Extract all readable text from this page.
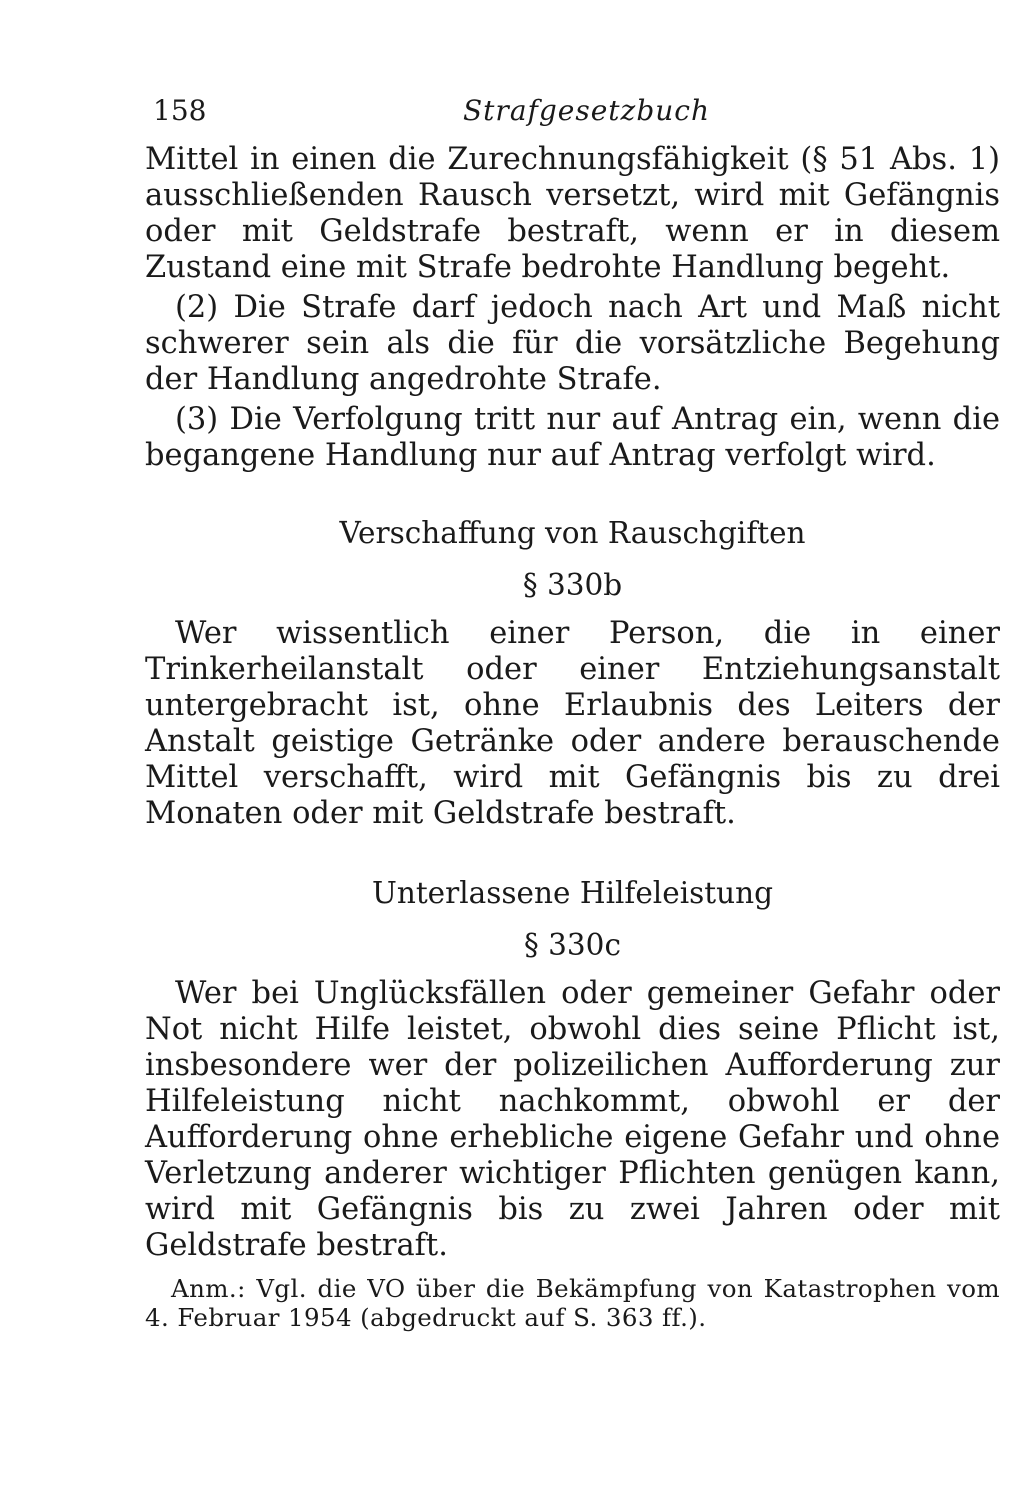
158	Strafgesetzbuch

Mittel in einen die Zurechnungsfähigkeit (§ 51 Abs. 1) ausschließenden Rausch versetzt, wird mit Gefängnis oder mit Geldstrafe bestraft, wenn er in diesem Zustand eine mit Strafe bedrohte Handlung begeht.

(2) Die Strafe darf jedoch nach Art und Maß nicht schwerer sein als die für die vorsätzliche Begehung der Handlung angedrohte Strafe.

(3) Die Verfolgung tritt nur auf Antrag ein, wenn die begangene Handlung nur auf Antrag verfolgt wird.

Verschaffung von Rauschgiften

§ 330b

Wer wissentlich einer Person, die in einer Trinkerheilanstalt oder einer Entziehungsanstalt untergebracht ist, ohne Erlaubnis des Leiters der Anstalt geistige Getränke oder andere berauschende Mittel verschafft, wird mit Gefängnis bis zu drei Monaten oder mit Geldstrafe bestraft.

Unterlassene Hilfeleistung

§ 330c

Wer bei Unglücksfällen oder gemeiner Gefahr oder Not nicht Hilfe leistet, obwohl dies seine Pflicht ist, insbesondere wer der polizeilichen Aufforderung zur Hilfeleistung nicht nachkommt, obwohl er der Aufforderung ohne erhebliche eigene Gefahr und ohne Verletzung anderer wichtiger Pflichten genügen kann, wird mit Gefängnis bis zu zwei Jahren oder mit Geldstrafe bestraft.

Anm.: Vgl. die VO über die Bekämpfung von Katastrophen vom 4. Februar 1954 (abgedruckt auf S. 363 ff.).
